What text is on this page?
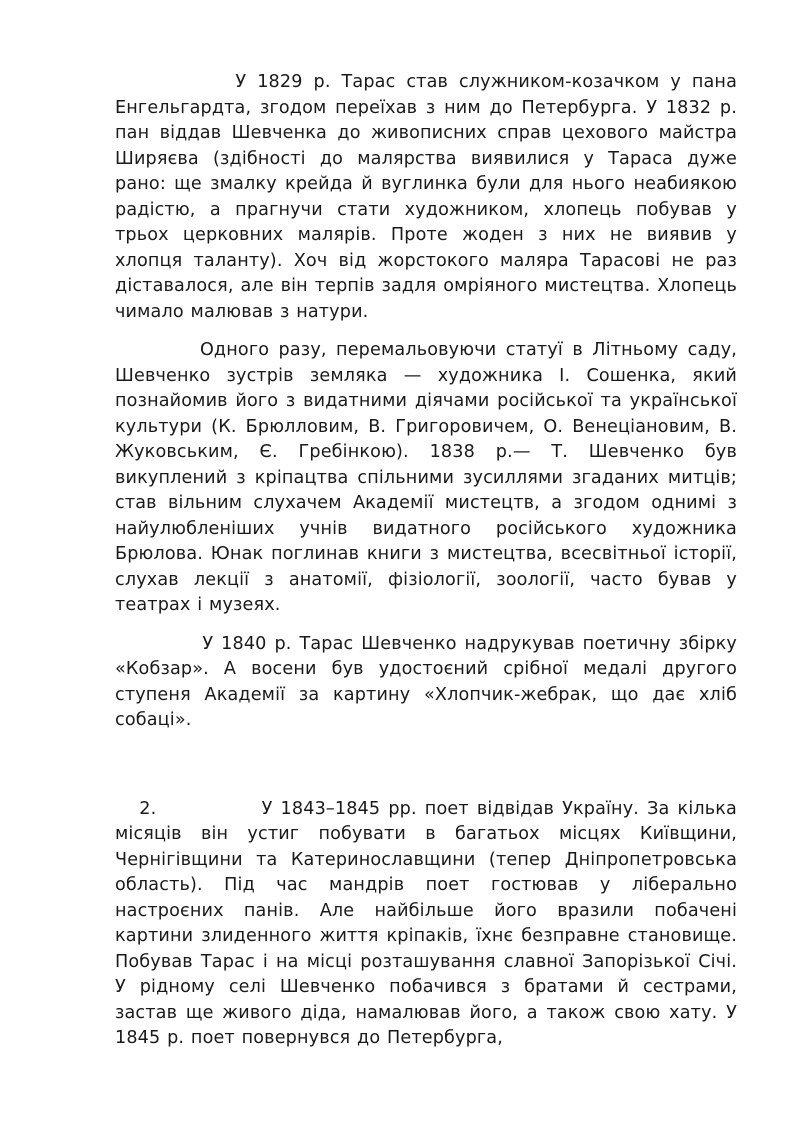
У 1829 р. Тарас став служником-козачком у пана Енгельгардта, згодом переїхав з ним до Петербурга. У 1832 р. пан віддав Шевченка до живописних справ цехового майстра Ширяєва (здібності до малярства виявилися у Тараса дуже рано: ще змалку крейда й вуглинка були для нього неабиякою радістю, а прагнучи стати художником, хлопець побував у трьох церковних малярів. Проте жоден з них не виявив у хлопця таланту). Хоч від жорстокого маляра Тарасові не раз діставалося, але він терпів задля омріяного мистецтва. Хлопець чимало малював з натури.

Одного разу, перемальовуючи статуї в Літньому саду, Шевченко зустрів земляка — художника І. Сошенка, який познайомив його з видатними діячами російської та української культури (К. Брюлловим, В. Григоровичем, О. Венеціановим, В. Жуковським, Є. Гребінкою). 1838 р.— Т. Шевченко був викуплений з кріпацтва спільними зусиллями згаданих митців; став вільним слухачем Академії мистецтв, а згодом однимі з найулюбленіших учнів видатного російського художника Брюлова. Юнак поглинав книги з мистецтва, всесвітньої історії, слухав лекції з анатомії, фізіології, зоології, часто бував у театрах і музеях.

У 1840 р. Тарас Шевченко надрукував поетичну збірку «Кобзар». А восени був удостоєний срібної медалі другого ступеня Академії за картину «Хлопчик-жебрак, що дає хліб собаці».

2.             У 1843–1845 рр. поет відвідав Україну. За кілька місяців він устиг побувати в багатьох місцях Київщини, Чернігівщини та Катеринославщини (тепер Дніпропетровська область). Під час мандрів поет гостював у ліберально настроєних панів. Але найбільше його вразили побачені картини злиденного життя кріпаків, їхнє безправне становище. Побував Тарас і на місці розташування славної Запорізької Січі. У рідному селі Шевченко побачився з братами й сестрами, застав ще живого діда, намалював його, а також свою хату. У 1845 р. поет повернувся до Петербурга,
